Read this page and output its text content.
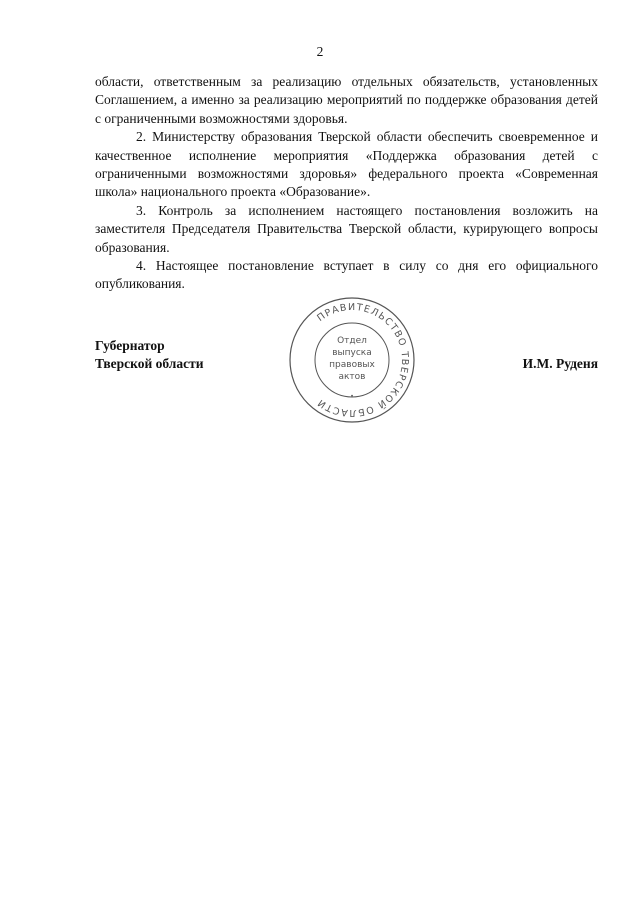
2

области, ответственным за реализацию отдельных обязательств, установленных Соглашением, а именно за реализацию мероприятий по поддержке образования детей с ограниченными возможностями здоровья.

2. Министерству образования Тверской области обеспечить своевременное и качественное исполнение мероприятия «Поддержка образования детей с ограниченными возможностями здоровья» федерального проекта «Современная школа» национального проекта «Образование».

3. Контроль за исполнением настоящего постановления возложить на заместителя Председателя Правительства Тверской области, курирующего вопросы образования.

4. Настоящее постановление вступает в силу со дня его официального опубликования.

Губернатор
Тверской области	И.М. Руденя
ПРАВИТЕЛЬСТВО ТВЕРСКОЙ ОБЛАСТИ	•
Отдел
выпуска
правовых
актов
